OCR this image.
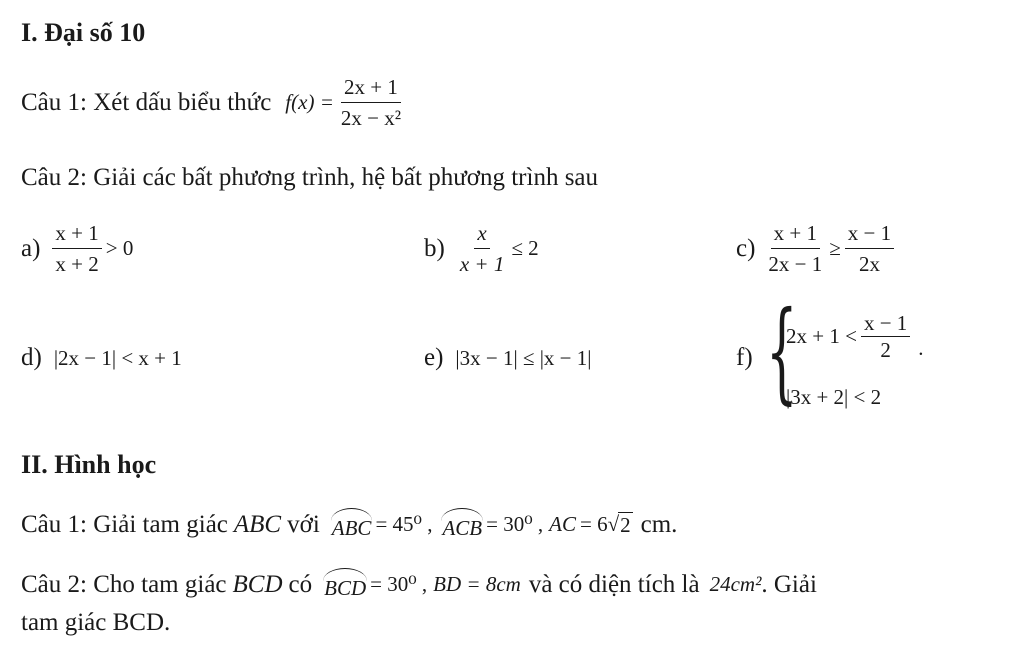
I. Đại số 10
Câu 1: Xét dấu biểu thức $f(x) = \frac{2x + 1}{\text{2x − x²}}$
Câu 2: Giải các bất phương trình, hệ bất phương trình sau
$a) \frac{x + 1}{x + 2} > 0$	$b) \frac{x}{x + 1} \le 2$	$c) \frac{x + 1}{2x - 1} \ge \frac{x - 1}{2x}$
d) |2x − 1| < x + 1	e) |3x − 1| ≤ |x − 1|	f) {
$2x + 1 < \frac{x - 1}{2}$ .
|3x + 2| < 2
II. Hình học
Câu 1: Giải tam giác ABC với ABC = 45⁰ , ACB = 30⁰ , AC = 6 √ 2 cm.
Câu 2: Cho tam giác BCD có BCD = 30⁰ , BD = 8cm và có diện tích là 24cm² . Giải
tam giác BCD.
